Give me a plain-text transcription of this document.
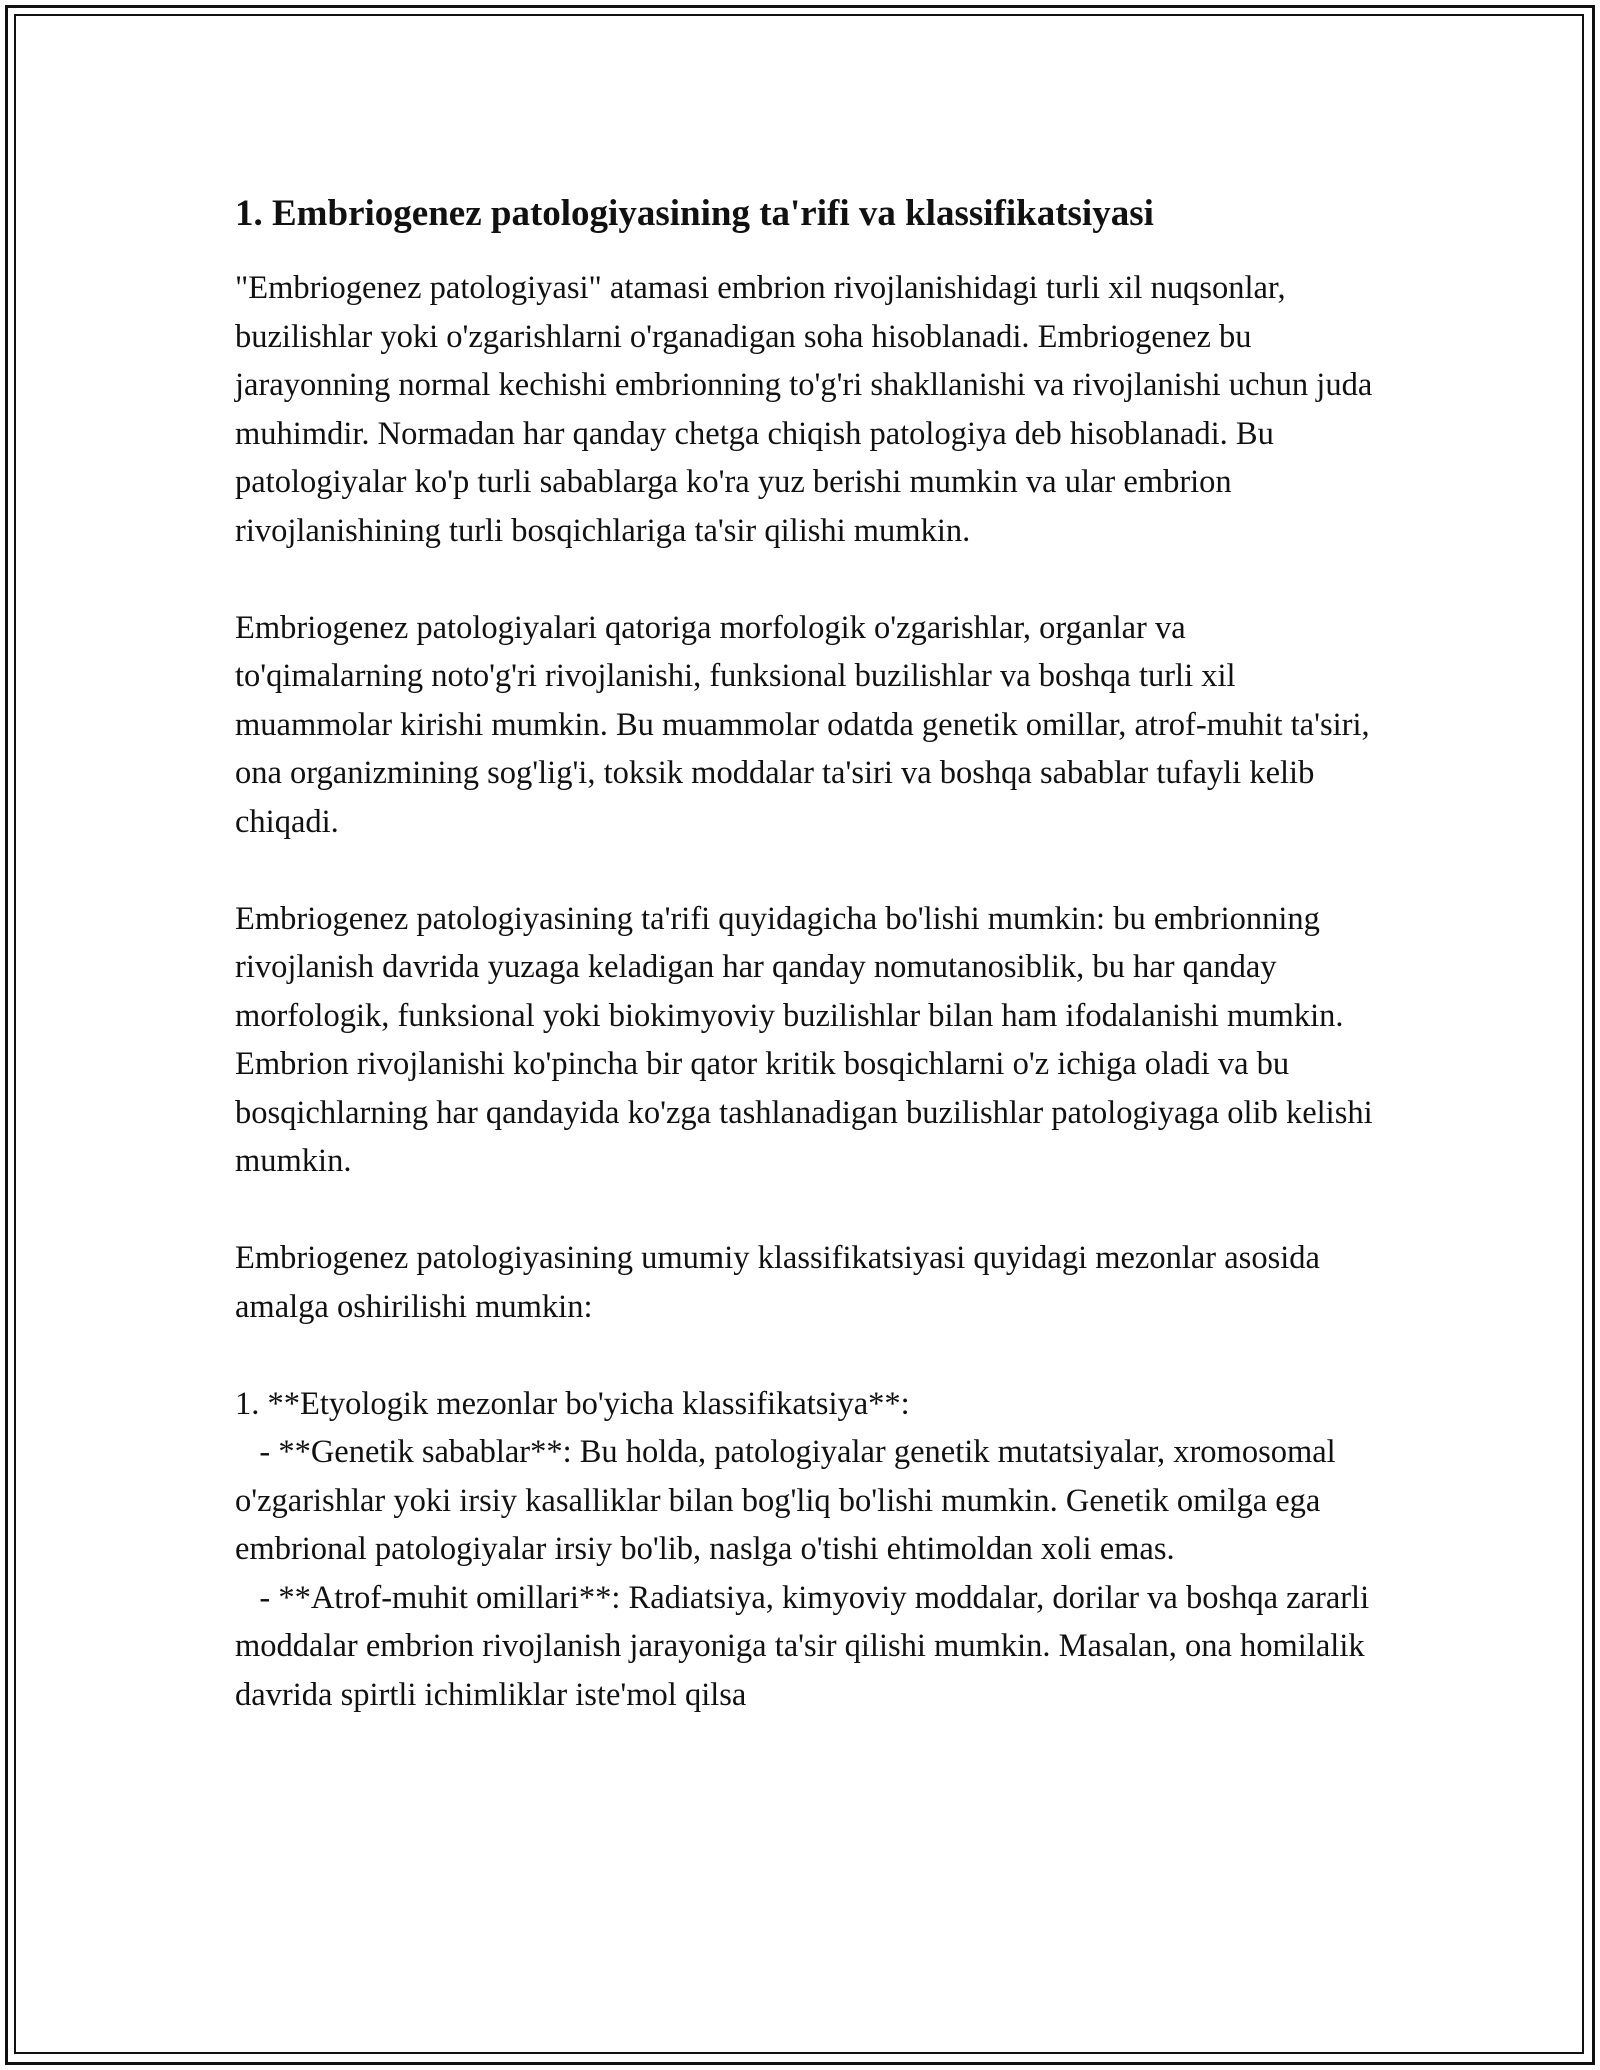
1. Embriogenez patologiyasining ta'rifi va klassifikatsiyasi

"Embriogenez patologiyasi" atamasi embrion rivojlanishidagi turli xil nuqsonlar, buzilishlar yoki o'zgarishlarni o'rganadigan soha hisoblanadi. Embriogenez bu jarayonning normal kechishi embrionning to'g'ri shakllanishi va rivojlanishi uchun juda muhimdir. Normadan har qanday chetga chiqish patologiya deb hisoblanadi. Bu patologiyalar ko'p turli sabablarga ko'ra yuz berishi mumkin va ular embrion rivojlanishining turli bosqichlariga ta'sir qilishi mumkin.

Embriogenez patologiyalari qatoriga morfologik o'zgarishlar, organlar va to'qimalarning noto'g'ri rivojlanishi, funksional buzilishlar va boshqa turli xil muammolar kirishi mumkin. Bu muammolar odatda genetik omillar, atrof-muhit ta'siri, ona organizmining sog'lig'i, toksik moddalar ta'siri va boshqa sabablar tufayli kelib chiqadi.

Embriogenez patologiyasining ta'rifi quyidagicha bo'lishi mumkin: bu embrionning rivojlanish davrida yuzaga keladigan har qanday nomutanosiblik, bu har qanday morfologik, funksional yoki biokimyoviy buzilishlar bilan ham ifodalanishi mumkin. Embrion rivojlanishi ko'pincha bir qator kritik bosqichlarni o'z ichiga oladi va bu bosqichlarning har qandayida ko'zga tashlanadigan buzilishlar patologiyaga olib kelishi mumkin.

Embriogenez patologiyasining umumiy klassifikatsiyasi quyidagi mezonlar asosida amalga oshirilishi mumkin:

1. **Etyologik mezonlar bo'yicha klassifikatsiya**:

- **Genetik sabablar**: Bu holda, patologiyalar genetik mutatsiyalar, xromosomal o'zgarishlar yoki irsiy kasalliklar bilan bog'liq bo'lishi mumkin. Genetik omilga ega embrional patologiyalar irsiy bo'lib, naslga o'tishi ehtimoldan xoli emas.

- **Atrof-muhit omillari**: Radiatsiya, kimyoviy moddalar, dorilar va boshqa zararli moddalar embrion rivojlanish jarayoniga ta'sir qilishi mumkin. Masalan, ona homilalik davrida spirtli ichimliklar iste'mol qilsa
